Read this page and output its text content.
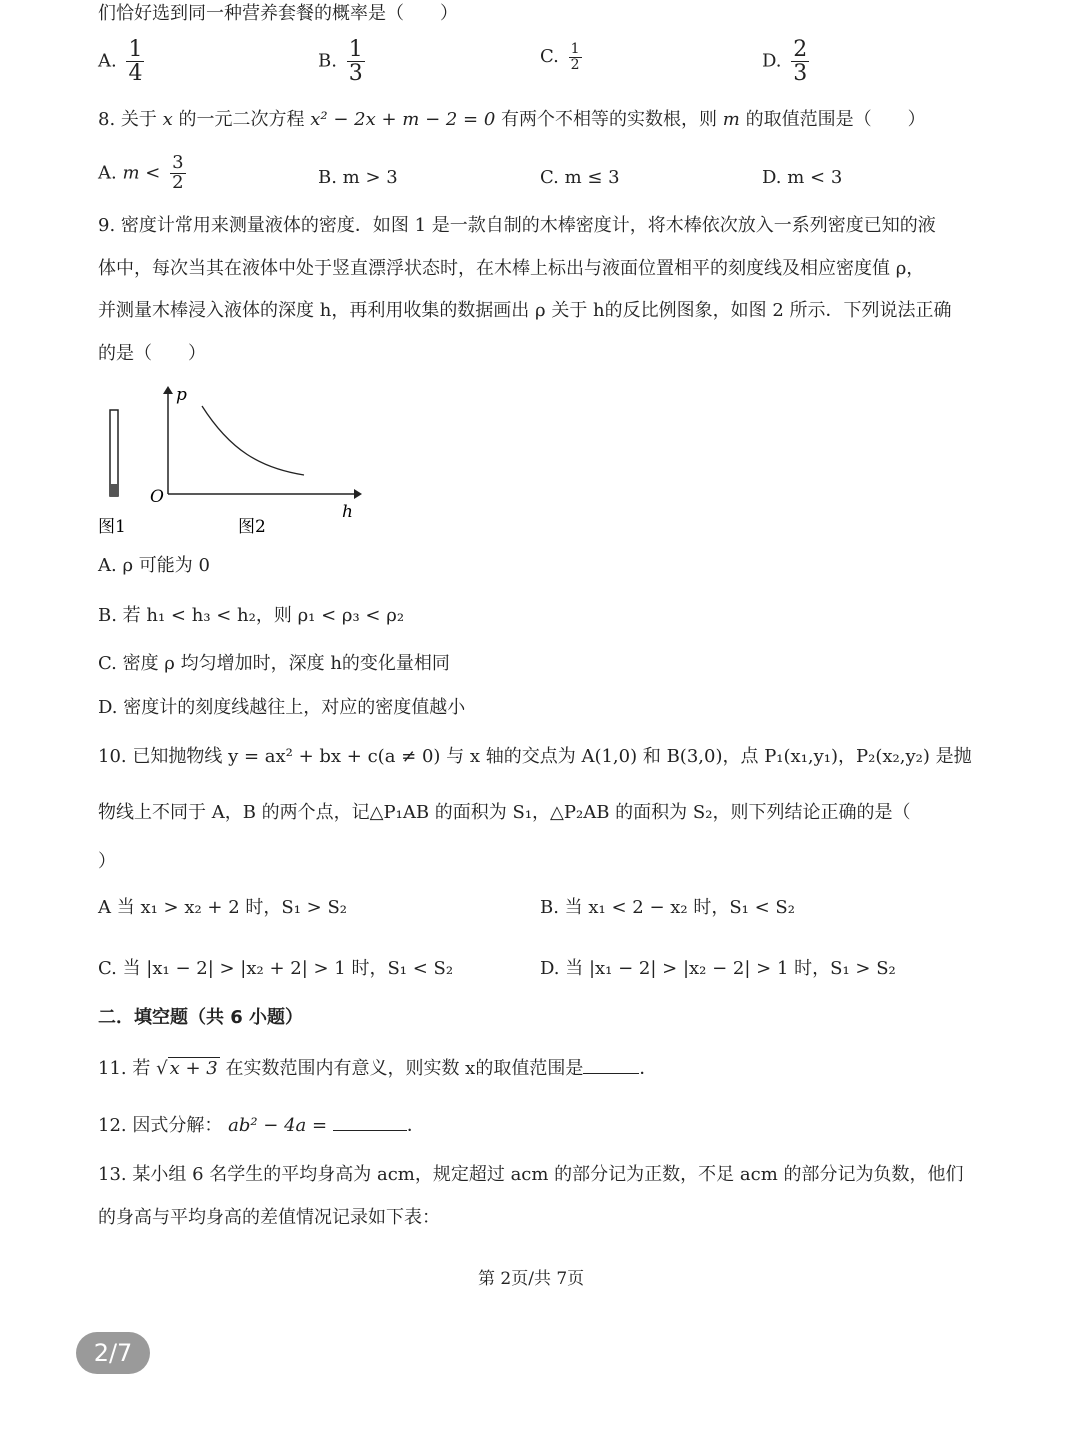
们恰好选到同一种营养套餐的概率是（　　）
A. $\frac{1}{4}$	B. $\frac{1}{3}$	C. $\frac{1}{2}$	D. $\frac{2}{3}$
8. 关于 x 的一元二次方程 x² − 2x + m − 2 = 0 有两个不相等的实数根，则 m 的取值范围是（　　）
A. $m < \frac{3}{2}$	B. m > 3	C. m ≤ 3	D. m < 3
9. 密度计常用来测量液体的密度．如图 1 是一款自制的木棒密度计，将木棒依次放入一系列密度已知的液
体中，每次当其在液体中处于竖直漂浮状态时，在木棒上标出与液面位置相平的刻度线及相应密度值 ρ，
并测量木棒浸入液体的深度 h，再利用收集的数据画出 ρ 关于 h的反比例图象，如图 2 所示．下列说法正确
的是（　　）
p
h
O
图1	图2
A. ρ 可能为 0
B. 若 h₁ < h₃ < h₂，则 ρ₁ < ρ₃ < ρ₂
C. 密度 ρ 均匀增加时，深度 h的变化量相同
D. 密度计的刻度线越往上，对应的密度值越小
10. 已知抛物线 y = ax² + bx + c(a ≠ 0) 与 x 轴的交点为 A(1,0) 和 B(3,0)，点 P₁(x₁,y₁)，P₂(x₂,y₂) 是抛
物线上不同于 A，B 的两个点，记△P₁AB 的面积为 S₁，△P₂AB 的面积为 S₂，则下列结论正确的是（
）
A 当 x₁ > x₂ + 2 时，S₁ > S₂	B. 当 x₁ < 2 − x₂ 时，S₁ < S₂
C. 当 |x₁ − 2| > |x₂ + 2| > 1 时，S₁ < S₂	D. 当 |x₁ − 2| > |x₂ − 2| > 1 时，S₁ > S₂
二．填空题（共 6 小题）
11. 若 √ x + 3 在实数范围内有意义，则实数 x的取值范围是	．
12. 因式分解： ab² − 4a =	．
13. 某小组 6 名学生的平均身高为 acm，规定超过 acm 的部分记为正数，不足 acm 的部分记为负数，他们
的身高与平均身高的差值情况记录如下表：
第 2页/共 7页
2/7
